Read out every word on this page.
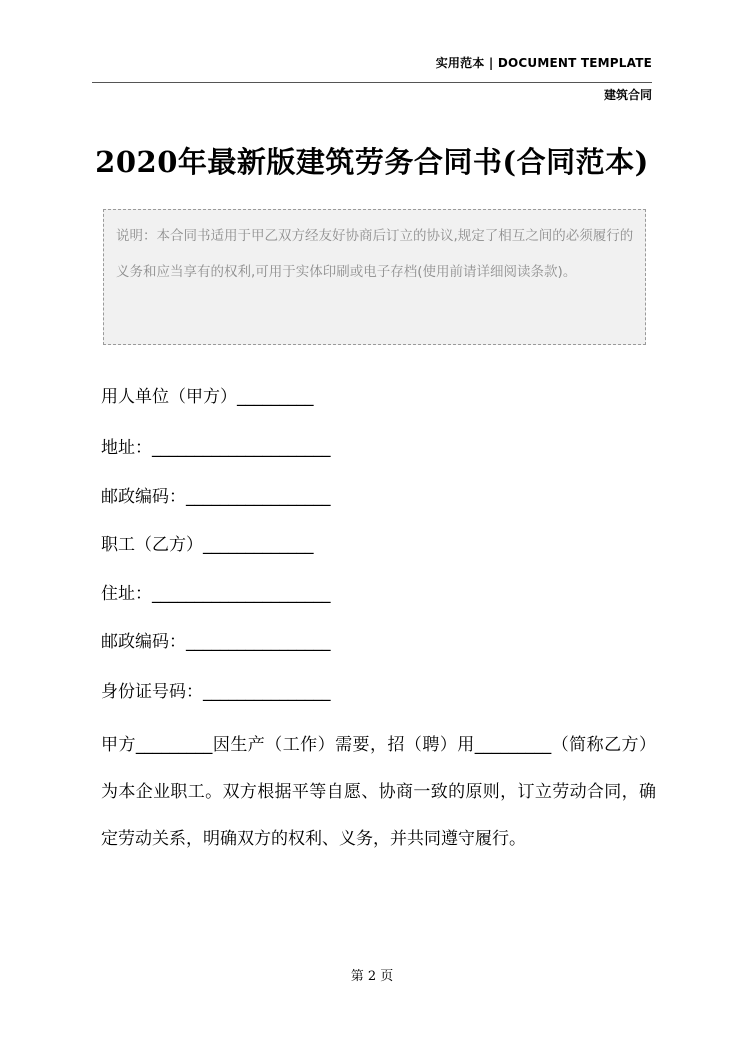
实用范本 | DOCUMENT TEMPLATE
建筑合同
2020年最新版建筑劳务合同书(合同范本)

说明：本合同书适用于甲乙双方经友好协商后订立的协议,规定了相互之间的必须履行的义务和应当享有的权利,可用于实体印刷或电子存档(使用前请详细阅读条款)。

用人单位（甲方）_________
地址：_____________________
邮政编码：_________________
职工（乙方）_____________
住址：_____________________
邮政编码：_________________
身份证号码：_______________

甲方_________因生产（工作）需要，招（聘）用_________（简称乙方）为本企业职工。双方根据平等自愿、协商一致的原则，订立劳动合同，确定劳动关系，明确双方的权利、义务，并共同遵守履行。

第 2 页
